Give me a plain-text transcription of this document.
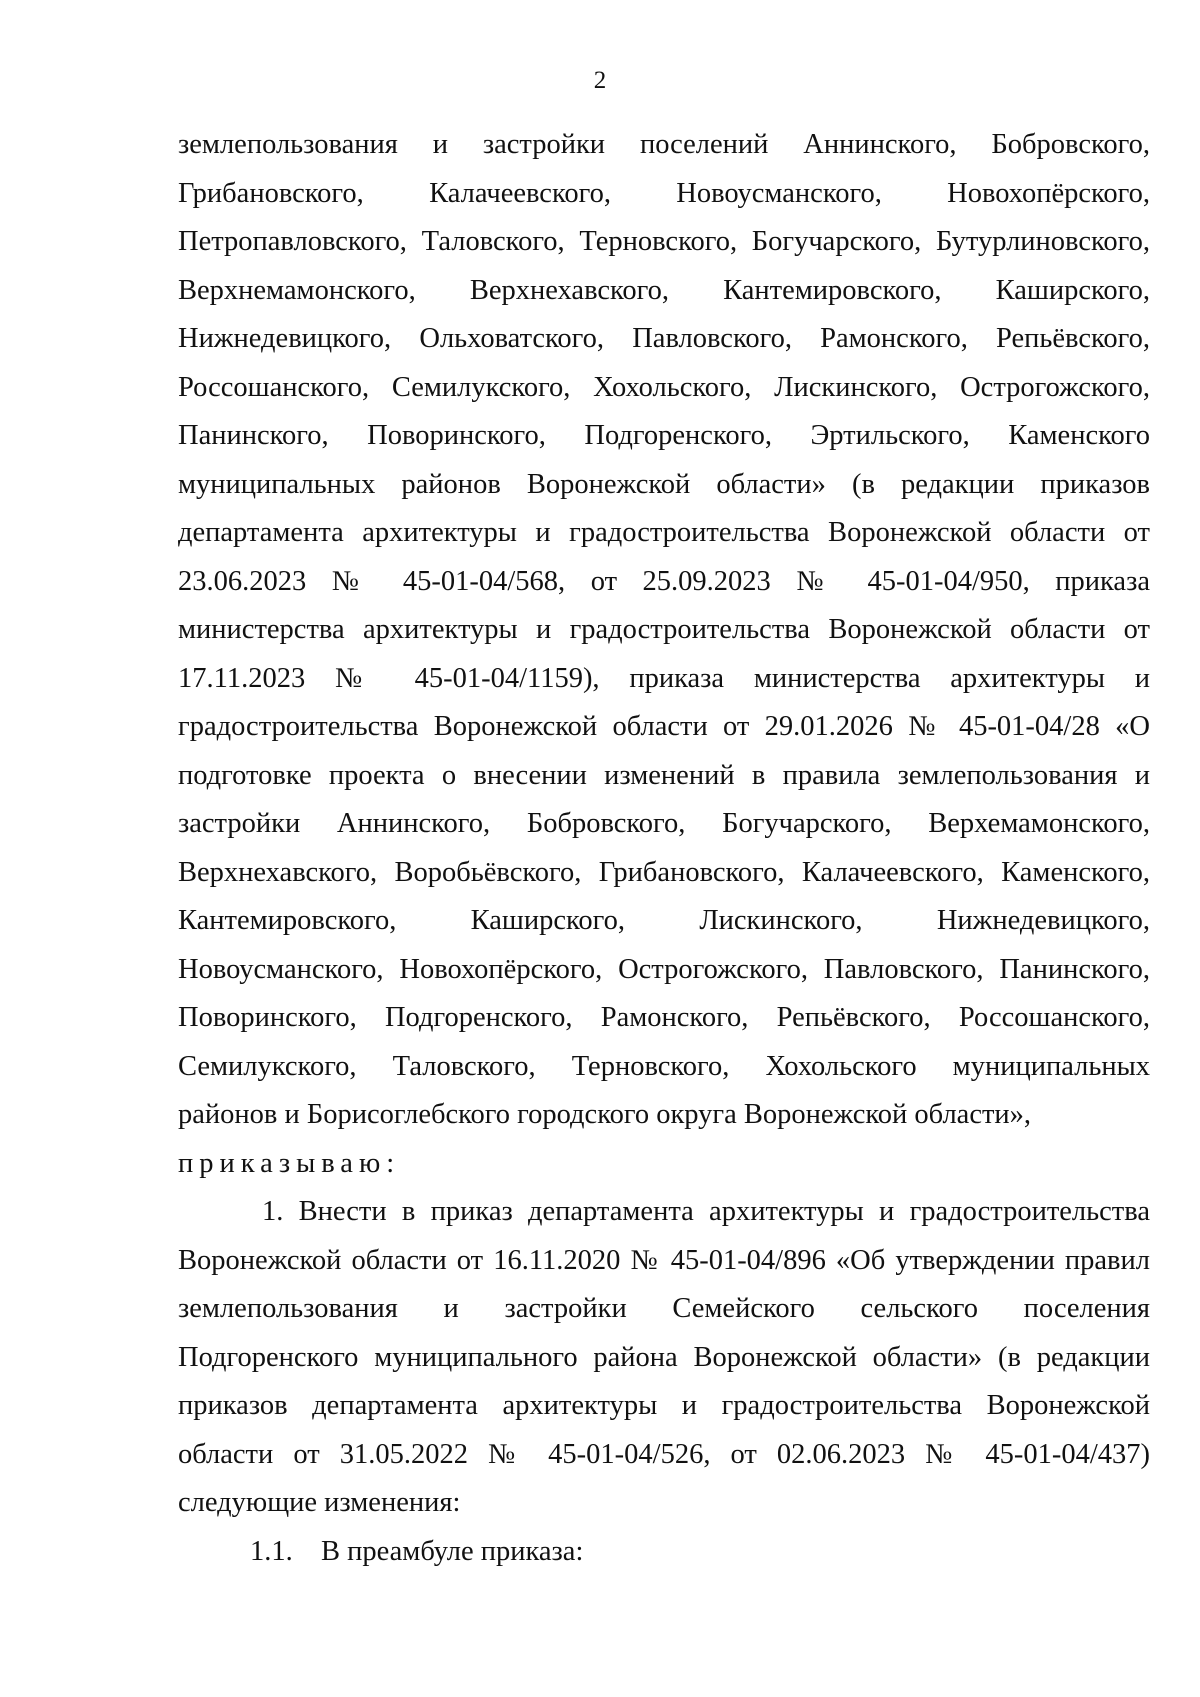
2
землепользования и застройки поселений Аннинского, Бобровского,
Грибановского, Калачеевского, Новоусманского, Новохопёрского,
Петропавловского, Таловского, Терновского, Богучарского, Бутурлиновского,
Верхнемамонского, Верхнехавского, Кантемировского, Каширского,
Нижнедевицкого, Ольховатского, Павловского, Рамонского, Репьёвского,
Россошанского, Семилукского, Хохольского, Лискинского, Острогожского,
Панинского, Поворинского, Подгоренского, Эртильского, Каменского
муниципальных районов Воронежской области» (в редакции приказов
департамента архитектуры и градостроительства Воронежской области от
23.06.2023 № 45-01-04/568, от 25.09.2023 № 45-01-04/950, приказа
министерства архитектуры и градостроительства Воронежской области от
17.11.2023 № 45-01-04/1159), приказа министерства архитектуры и
градостроительства Воронежской области от 29.01.2026 № 45-01-04/28 «О
подготовке проекта о внесении изменений в правила землепользования и
застройки Аннинского, Бобровского, Богучарского, Верхемамонского,
Верхнехавского, Воробьёвского, Грибановского, Калачеевского, Каменского,
Кантемировского, Каширского, Лискинского, Нижнедевицкого,
Новоусманского, Новохопёрского, Острогожского, Павловского, Панинского,
Поворинского, Подгоренского, Рамонского, Репьёвского, Россошанского,
Семилукского, Таловского, Терновского, Хохольского муниципальных
районов и Борисоглебского городского округа Воронежской области»,
приказываю:
1. Внести в приказ департамента архитектуры и градостроительства
Воронежской области от 16.11.2020 № 45-01-04/896 «Об утверждении правил
землепользования и застройки Семейского сельского поселения
Подгоренского муниципального района Воронежской области» (в редакции
приказов департамента архитектуры и градостроительства Воронежской
области от 31.05.2022 № 45-01-04/526, от 02.06.2023 № 45-01-04/437)
следующие изменения:
1.1. В преамбуле приказа:
